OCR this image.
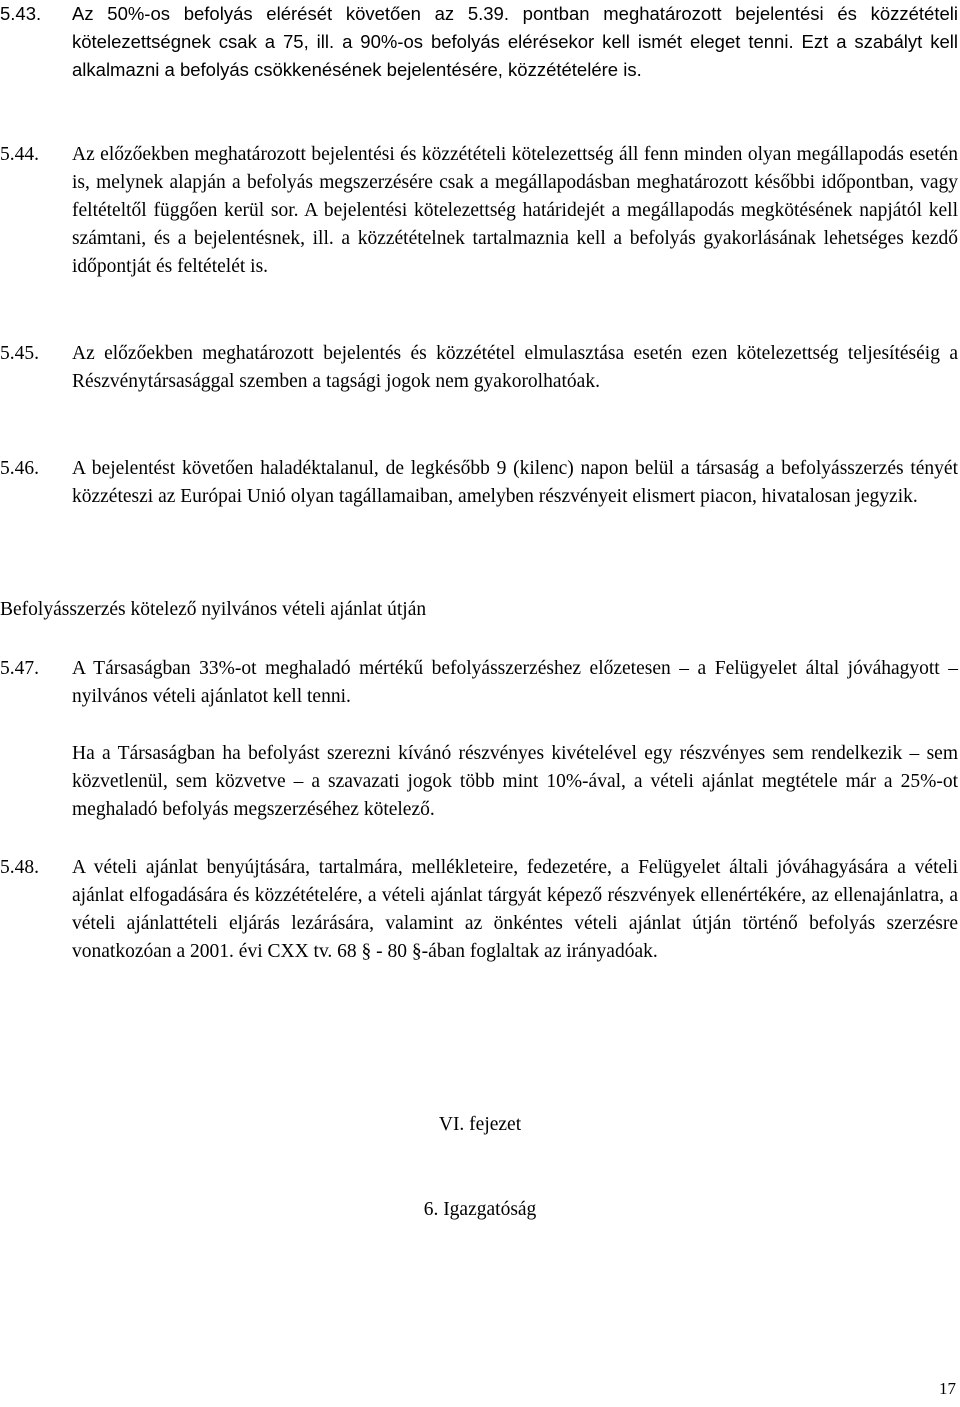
5.43.	Az 50%-os befolyás elérését követően az 5.39. pontban meghatározott bejelentési és közzétételi kötelezettségnek csak a 75, ill. a 90%-os befolyás elérésekor kell ismét eleget tenni. Ezt a szabályt kell alkalmazni a befolyás csökkenésének bejelentésére, közzétételére is.
5.44.	Az előzőekben meghatározott bejelentési és közzétételi kötelezettség áll fenn minden olyan megállapodás esetén is, melynek alapján a befolyás megszerzésére csak a megállapodásban meghatározott későbbi időpontban, vagy feltételtől függően kerül sor. A bejelentési kötelezettség határidejét a megállapodás megkötésének napjától kell számtani, és a bejelentésnek, ill. a közzétételnek tartalmaznia kell a befolyás gyakorlásának lehetséges kezdő időpontját és feltételét is.
5.45.	Az előzőekben meghatározott bejelentés és közzététel elmulasztása esetén ezen kötelezettség teljesítéséig a Részvénytársasággal szemben a tagsági jogok nem gyakorolhatóak.
5.46.	A bejelentést követően haladéktalanul, de legkésőbb 9 (kilenc) napon belül a társaság a befolyásszerzés tényét közzéteszi az Európai Unió olyan tagállamaiban, amelyben részvényeit elismert piacon, hivatalosan jegyzik.
Befolyásszerzés kötelező nyilvános vételi ajánlat útján
5.47.	A Társaságban 33%-ot meghaladó mértékű befolyásszerzéshez előzetesen – a Felügyelet által jóváhagyott – nyilvános vételi ajánlatot kell tenni.
Ha a Társaságban ha befolyást szerezni kívánó részvényes kivételével egy részvényes sem rendelkezik – sem közvetlenül, sem közvetve – a szavazati jogok több mint 10%-ával, a vételi ajánlat megtétele már a 25%-ot meghaladó befolyás megszerzéséhez kötelező.
5.48.	A vételi ajánlat benyújtására, tartalmára, mellékleteire, fedezetére, a Felügyelet általi jóváhagyására a vételi ajánlat elfogadására és közzétételére, a vételi ajánlat tárgyát képező részvények ellenértékére, az ellenajánlatra, a vételi ajánlattételi eljárás lezárására, valamint az önkéntes vételi ajánlat útján történő befolyás szerzésre vonatkozóan a 2001. évi CXX tv. 68 § - 80 §-ában foglaltak az irányadóak.
VI. fejezet
6. Igazgatóság
17
